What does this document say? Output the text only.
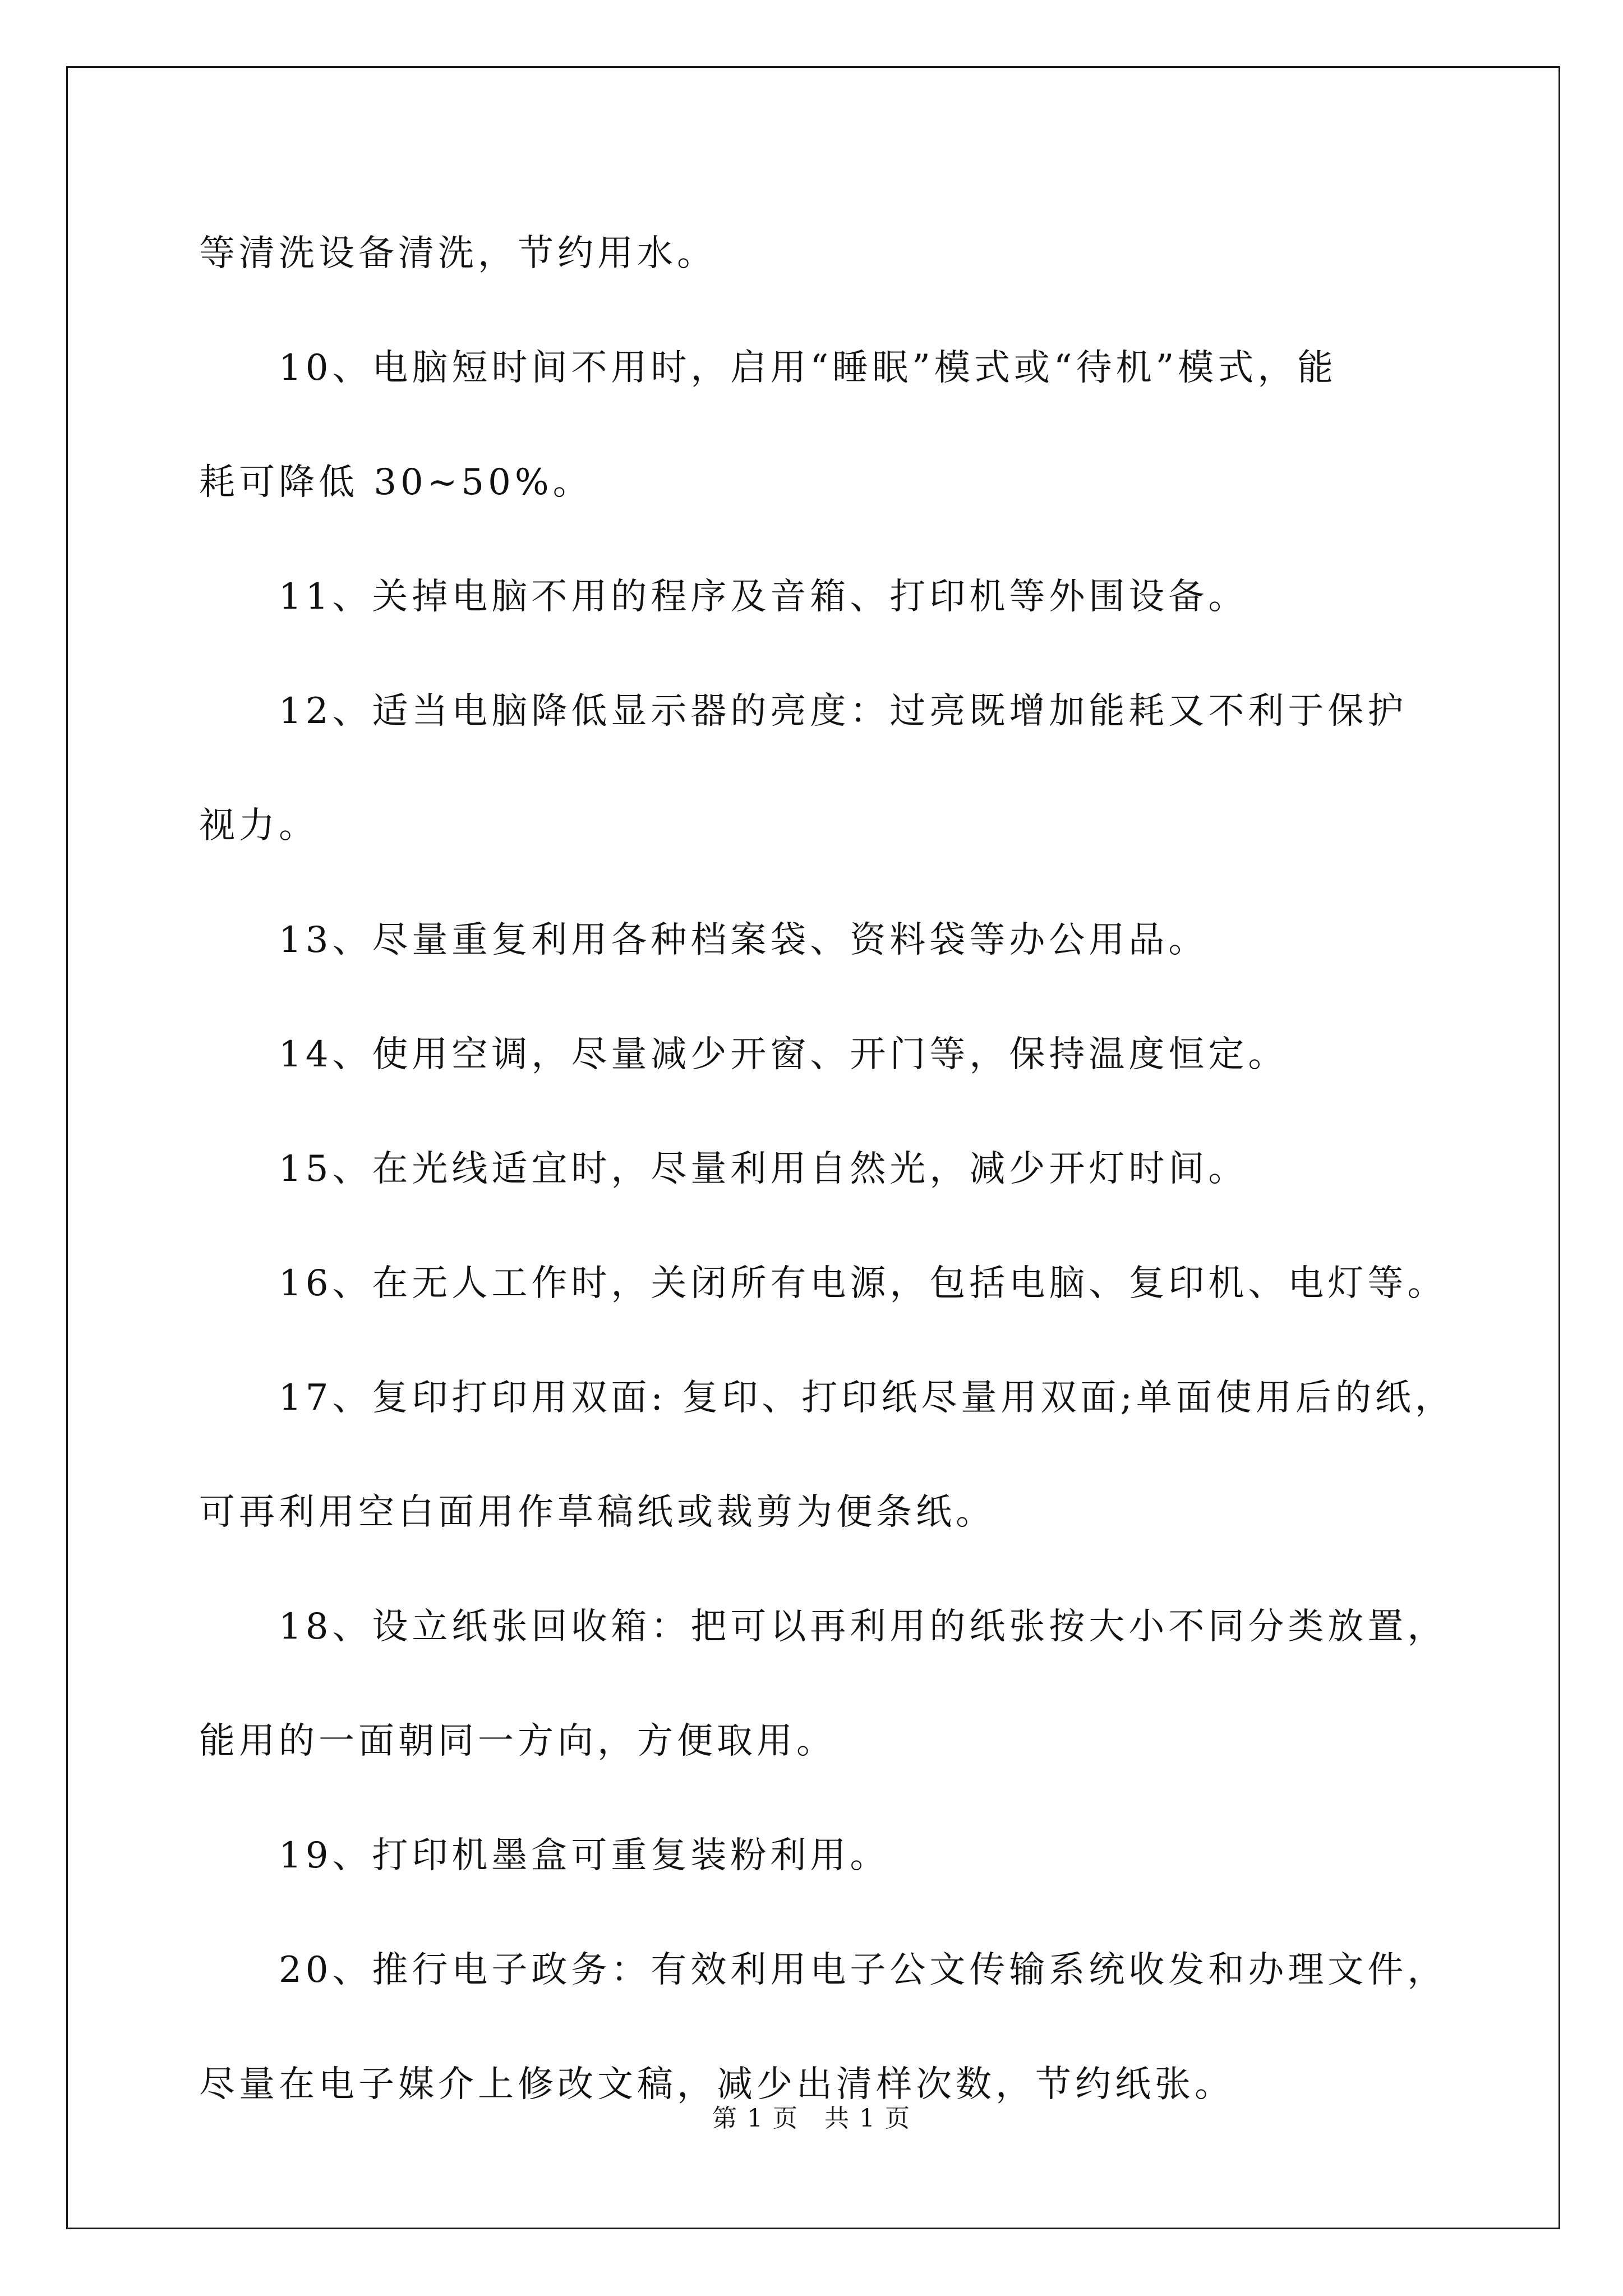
等清洗设备清洗，节约用水。

10、电脑短时间不用时，启用“睡眠”模式或“待机”模式，能

耗可降低 30~50%。

11、关掉电脑不用的程序及音箱、打印机等外围设备。

12、适当电脑降低显示器的亮度：过亮既增加能耗又不利于保护

视力。

13、尽量重复利用各种档案袋、资料袋等办公用品。

14、使用空调，尽量减少开窗、开门等，保持温度恒定。

15、在光线适宜时，尽量利用自然光，减少开灯时间。

16、在无人工作时，关闭所有电源，包括电脑、复印机、电灯等。

17、复印打印用双面: 复印、打印纸尽量用双面;单面使用后的纸，

可再利用空白面用作草稿纸或裁剪为便条纸。

18、设立纸张回收箱：把可以再利用的纸张按大小不同分类放置，

能用的一面朝同一方向，方便取用。

19、打印机墨盒可重复装粉利用。

20、推行电子政务：有效利用电子公文传输系统收发和办理文件，

尽量在电子媒介上修改文稿，减少出清样次数，节约纸张。

第 1 页　共 1 页
